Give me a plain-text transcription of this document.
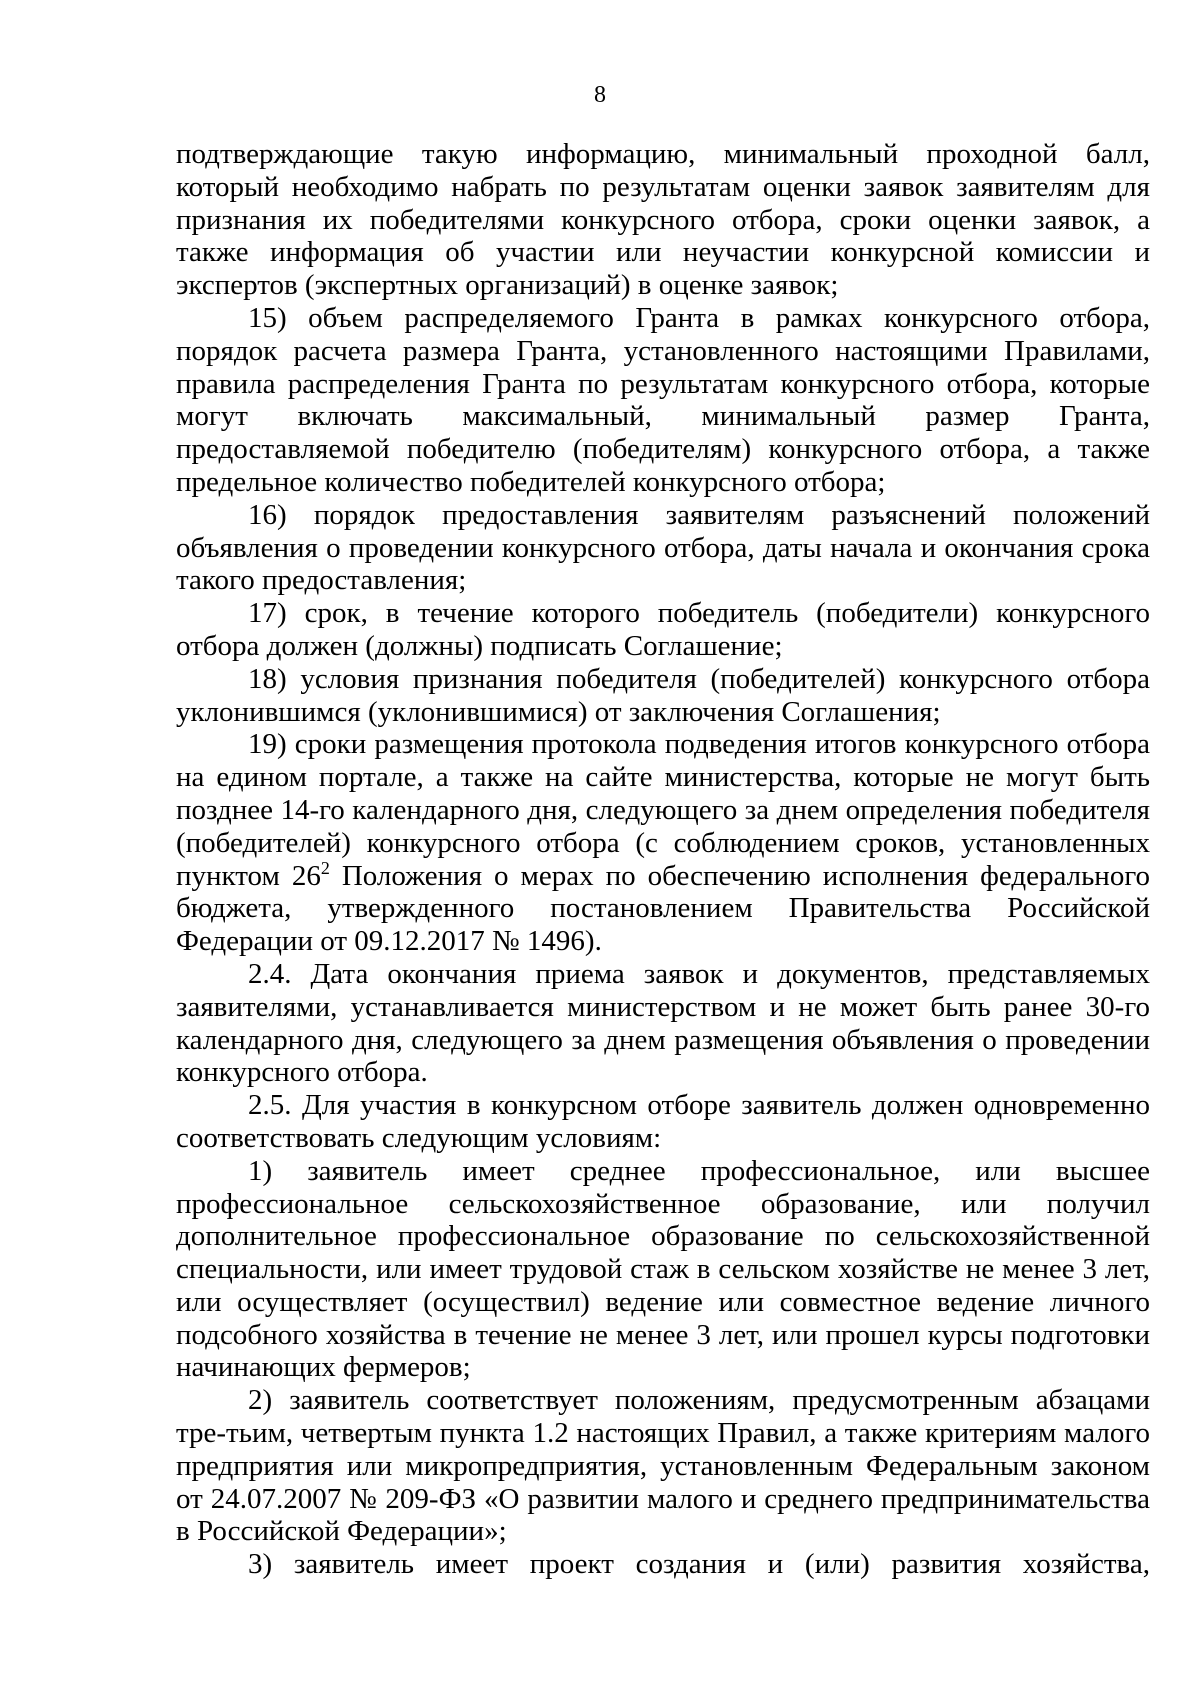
8

подтверждающие такую информацию, минимальный проходной балл, который необходимо набрать по результатам оценки заявок заявителям для признания их победителями конкурсного отбора, сроки оценки заявок, а также информация об участии или неучастии конкурсной комиссии и экспертов (экспертных организаций) в оценке заявок;

15) объем распределяемого Гранта в рамках конкурсного отбора, порядок расчета размера Гранта, установленного настоящими Правилами, правила распределения Гранта по результатам конкурсного отбора, которые могут включать максимальный, минимальный размер Гранта, предоставляемой победителю (победителям) конкурсного отбора, а также предельное количество победителей конкурсного отбора;

16) порядок предоставления заявителям разъяснений положений объявления о проведении конкурсного отбора, даты начала и окончания срока такого предоставления;

17) срок, в течение которого победитель (победители) конкурсного отбора должен (должны) подписать Соглашение;

18) условия признания победителя (победителей) конкурсного отбора уклонившимся (уклонившимися) от заключения Соглашения;

19) сроки размещения протокола подведения итогов конкурсного отбора на едином портале, а также на сайте министерства, которые не могут быть позднее 14-го календарного дня, следующего за днем определения победителя (победителей) конкурсного отбора (с соблюдением сроков, установленных пунктом $26^2$ Положения о мерах по обеспечению исполнения федерального бюджета, утвержденного постановлением Правительства Российской Федерации от 09.12.2017 № 1496).

2.4. Дата окончания приема заявок и документов, представляемых заявителями, устанавливается министерством и не может быть ранее 30-го календарного дня, следующего за днем размещения объявления о проведении конкурсного отбора.

2.5. Для участия в конкурсном отборе заявитель должен одновременно соответствовать следующим условиям:

1) заявитель имеет среднее профессиональное, или высшее профессиональное сельскохозяйственное образование, или получил дополнительное профессиональное образование по сельскохозяйственной специальности, или имеет трудовой стаж в сельском хозяйстве не менее 3 лет, или осуществляет (осуществил) ведение или совместное ведение личного подсобного хозяйства в течение не менее 3 лет, или прошел курсы подготовки начинающих фермеров;

2) заявитель соответствует положениям, предусмотренным абзацами тре-тьим, четвертым пункта 1.2 настоящих Правил, а также критериям малого предприятия или микропредприятия, установленным Федеральным законом от 24.07.2007 № 209-ФЗ «О развитии малого и среднего предпринимательства в Российской Федерации»;

3) заявитель имеет проект создания и (или) развития хозяйства,
